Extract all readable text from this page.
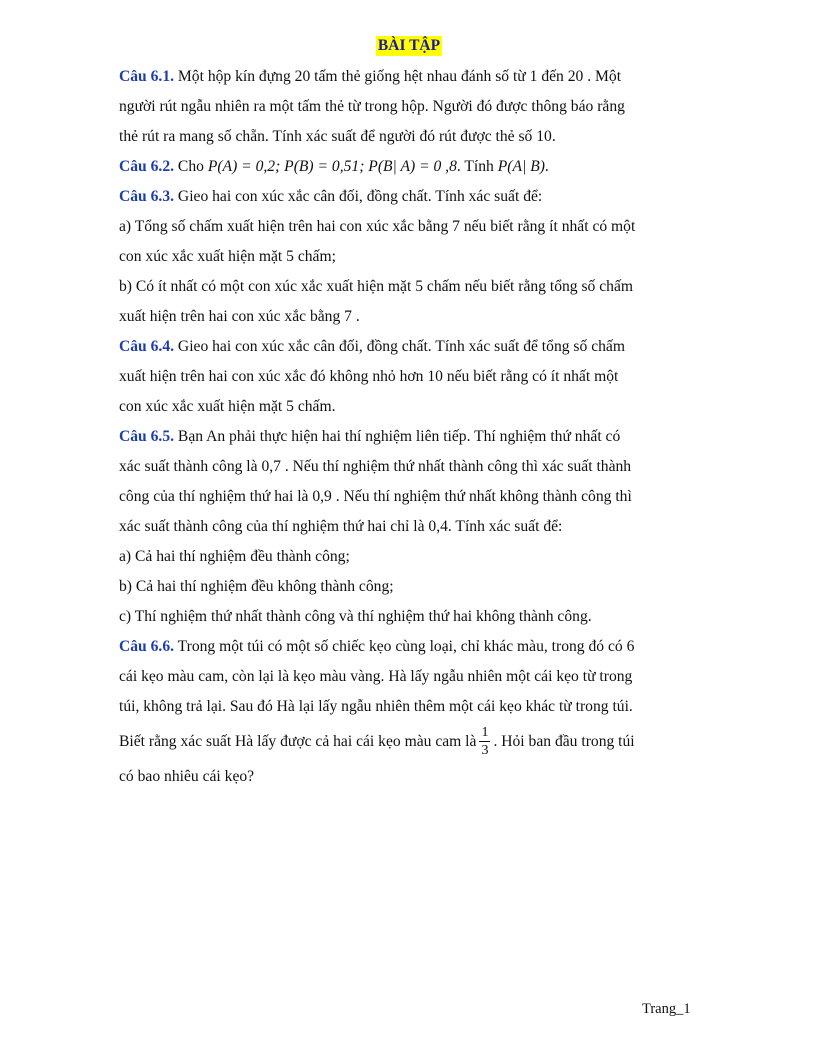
BÀI TẬP

Câu 6.1. Một hộp kín đựng 20 tấm thẻ giống hệt nhau đánh số từ 1 đến 20 . Một

người rút ngẫu nhiên ra một tấm thẻ từ trong hộp. Người đó được thông báo rằng

thẻ rút ra mang số chẵn. Tính xác suất để người đó rút được thẻ số 10.

Câu 6.2. Cho P(A) = 0,2; P(B) = 0,51; P(B| A) = 0 ,8. Tính P(A| B).

Câu 6.3. Gieo hai con xúc xắc cân đối, đồng chất. Tính xác suất để:

a) Tổng số chấm xuất hiện trên hai con xúc xắc bằng 7 nếu biết rằng ít nhất có một

con xúc xắc xuất hiện mặt 5 chấm;

b) Có ít nhất có một con xúc xắc xuất hiện mặt 5 chấm nếu biết rằng tổng số chấm

xuất hiện trên hai con xúc xắc bằng 7 .

Câu 6.4. Gieo hai con xúc xắc cân đối, đồng chất. Tính xác suất để tổng số chấm

xuất hiện trên hai con xúc xắc đó không nhỏ hơn 10 nếu biết rằng có ít nhất một

con xúc xắc xuất hiện mặt 5 chấm.

Câu 6.5. Bạn An phải thực hiện hai thí nghiệm liên tiếp. Thí nghiệm thứ nhất có

xác suất thành công là 0,7 . Nếu thí nghiệm thứ nhất thành công thì xác suất thành

công của thí nghiệm thứ hai là 0,9 . Nếu thí nghiệm thứ nhất không thành công thì

xác suất thành công của thí nghiệm thứ hai chỉ là 0,4. Tính xác suất để:

a) Cả hai thí nghiệm đều thành công;

b) Cả hai thí nghiệm đều không thành công;

c) Thí nghiệm thứ nhất thành công và thí nghiệm thứ hai không thành công.

Câu 6.6. Trong một túi có một số chiếc kẹo cùng loại, chỉ khác màu, trong đó có 6

cái kẹo màu cam, còn lại là kẹo màu vàng. Hà lấy ngẫu nhiên một cái kẹo từ trong

túi, không trả lại. Sau đó Hà lại lấy ngẫu nhiên thêm một cái kẹo khác từ trong túi.

Biết rằng xác suất Hà lấy được cả hai cái kẹo màu cam là $\frac{1}{3}$ . Hỏi ban đầu trong túi

có bao nhiêu cái kẹo?

Trang_1
